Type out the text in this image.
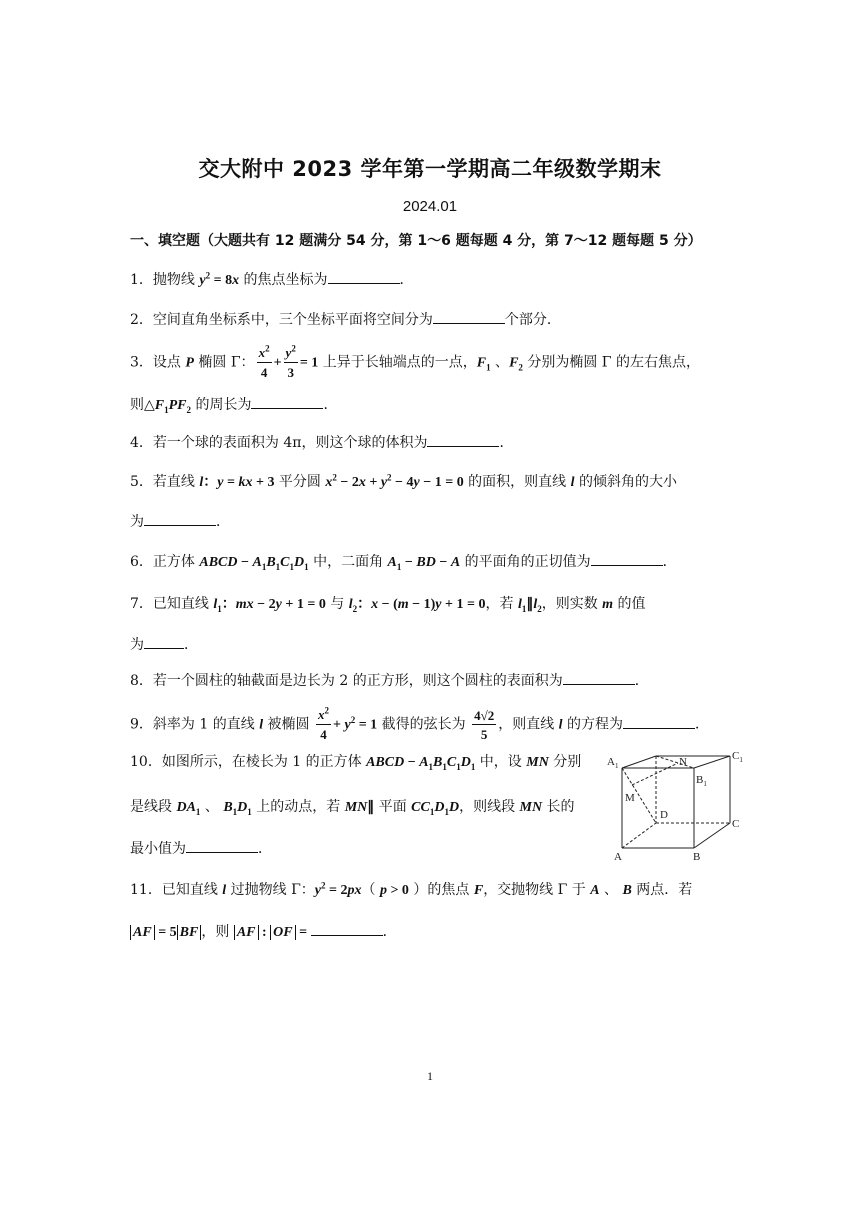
交大附中 2023 学年第一学期高二年级数学期末
2024.01
一、填空题（大题共有 12 题满分 54 分，第 1～6 题每题 4 分，第 7～12 题每题 5 分）
1．抛物线 $y^2 = 8x$ 的焦点坐标为	．
2．空间直角坐标系中，三个坐标平面将空间分为	个部分．
3．设点 P 椭圆 Γ： $\frac{x^2}{4} + \frac{y^2}{3} = 1$ 上异于长轴端点的一点，$F_1$ 、$F_2$ 分别为椭圆 Γ 的左右焦点，
则$\triangle F_1PF_2$ 的周长为	．
4．若一个球的表面积为 4π，则这个球的体积为	．
5．若直线 l：y = kx + 3 平分圆 $x^2 - 2x + y^2 - 4y - 1 = 0$ 的面积，则直线 l 的倾斜角的大小
为	．
6．正方体 ABCD − $A_1B_1C_1D_1$ 中，二面角 $A_1$ − BD − A 的平面角的正切值为	．
7．已知直线 $l_1$：mx − 2y + 1 = 0 与 $l_2$：x − (m − 1)y + 1 = 0，若 $l_1\parallel l_2$，则实数 m 的值
为	．
8．若一个圆柱的轴截面是边长为 2 的正方形，则这个圆柱的表面积为	．
9．斜率为 1 的直线 l 被椭圆 $\frac{x^2}{4} + y^2 = 1$ 截得的弦长为 $\frac{4√2}{5}$ ，则直线 l 的方程为	．
10．如图所示，在棱长为 1 的正方体 ABCD − $A_1B_1C_1D_1$ 中，设 MN 分别
是线段 $DA_1$ 、 $B_1D_1$ 上的动点，若 MN∥ 平面 $CC_1D_1D$，则线段 MN 长的
最小值为	．
$A_1$	N
$B_1$
$C_1$
M
D
C
A	B
11．已知直线 l 过抛物线 Γ：$y^2 = 2px$（ p > 0 ）的焦点 F，交抛物线 Γ 于 A 、 B 两点．若
AF = 5 BF ，则 AF : OF =	．
1
